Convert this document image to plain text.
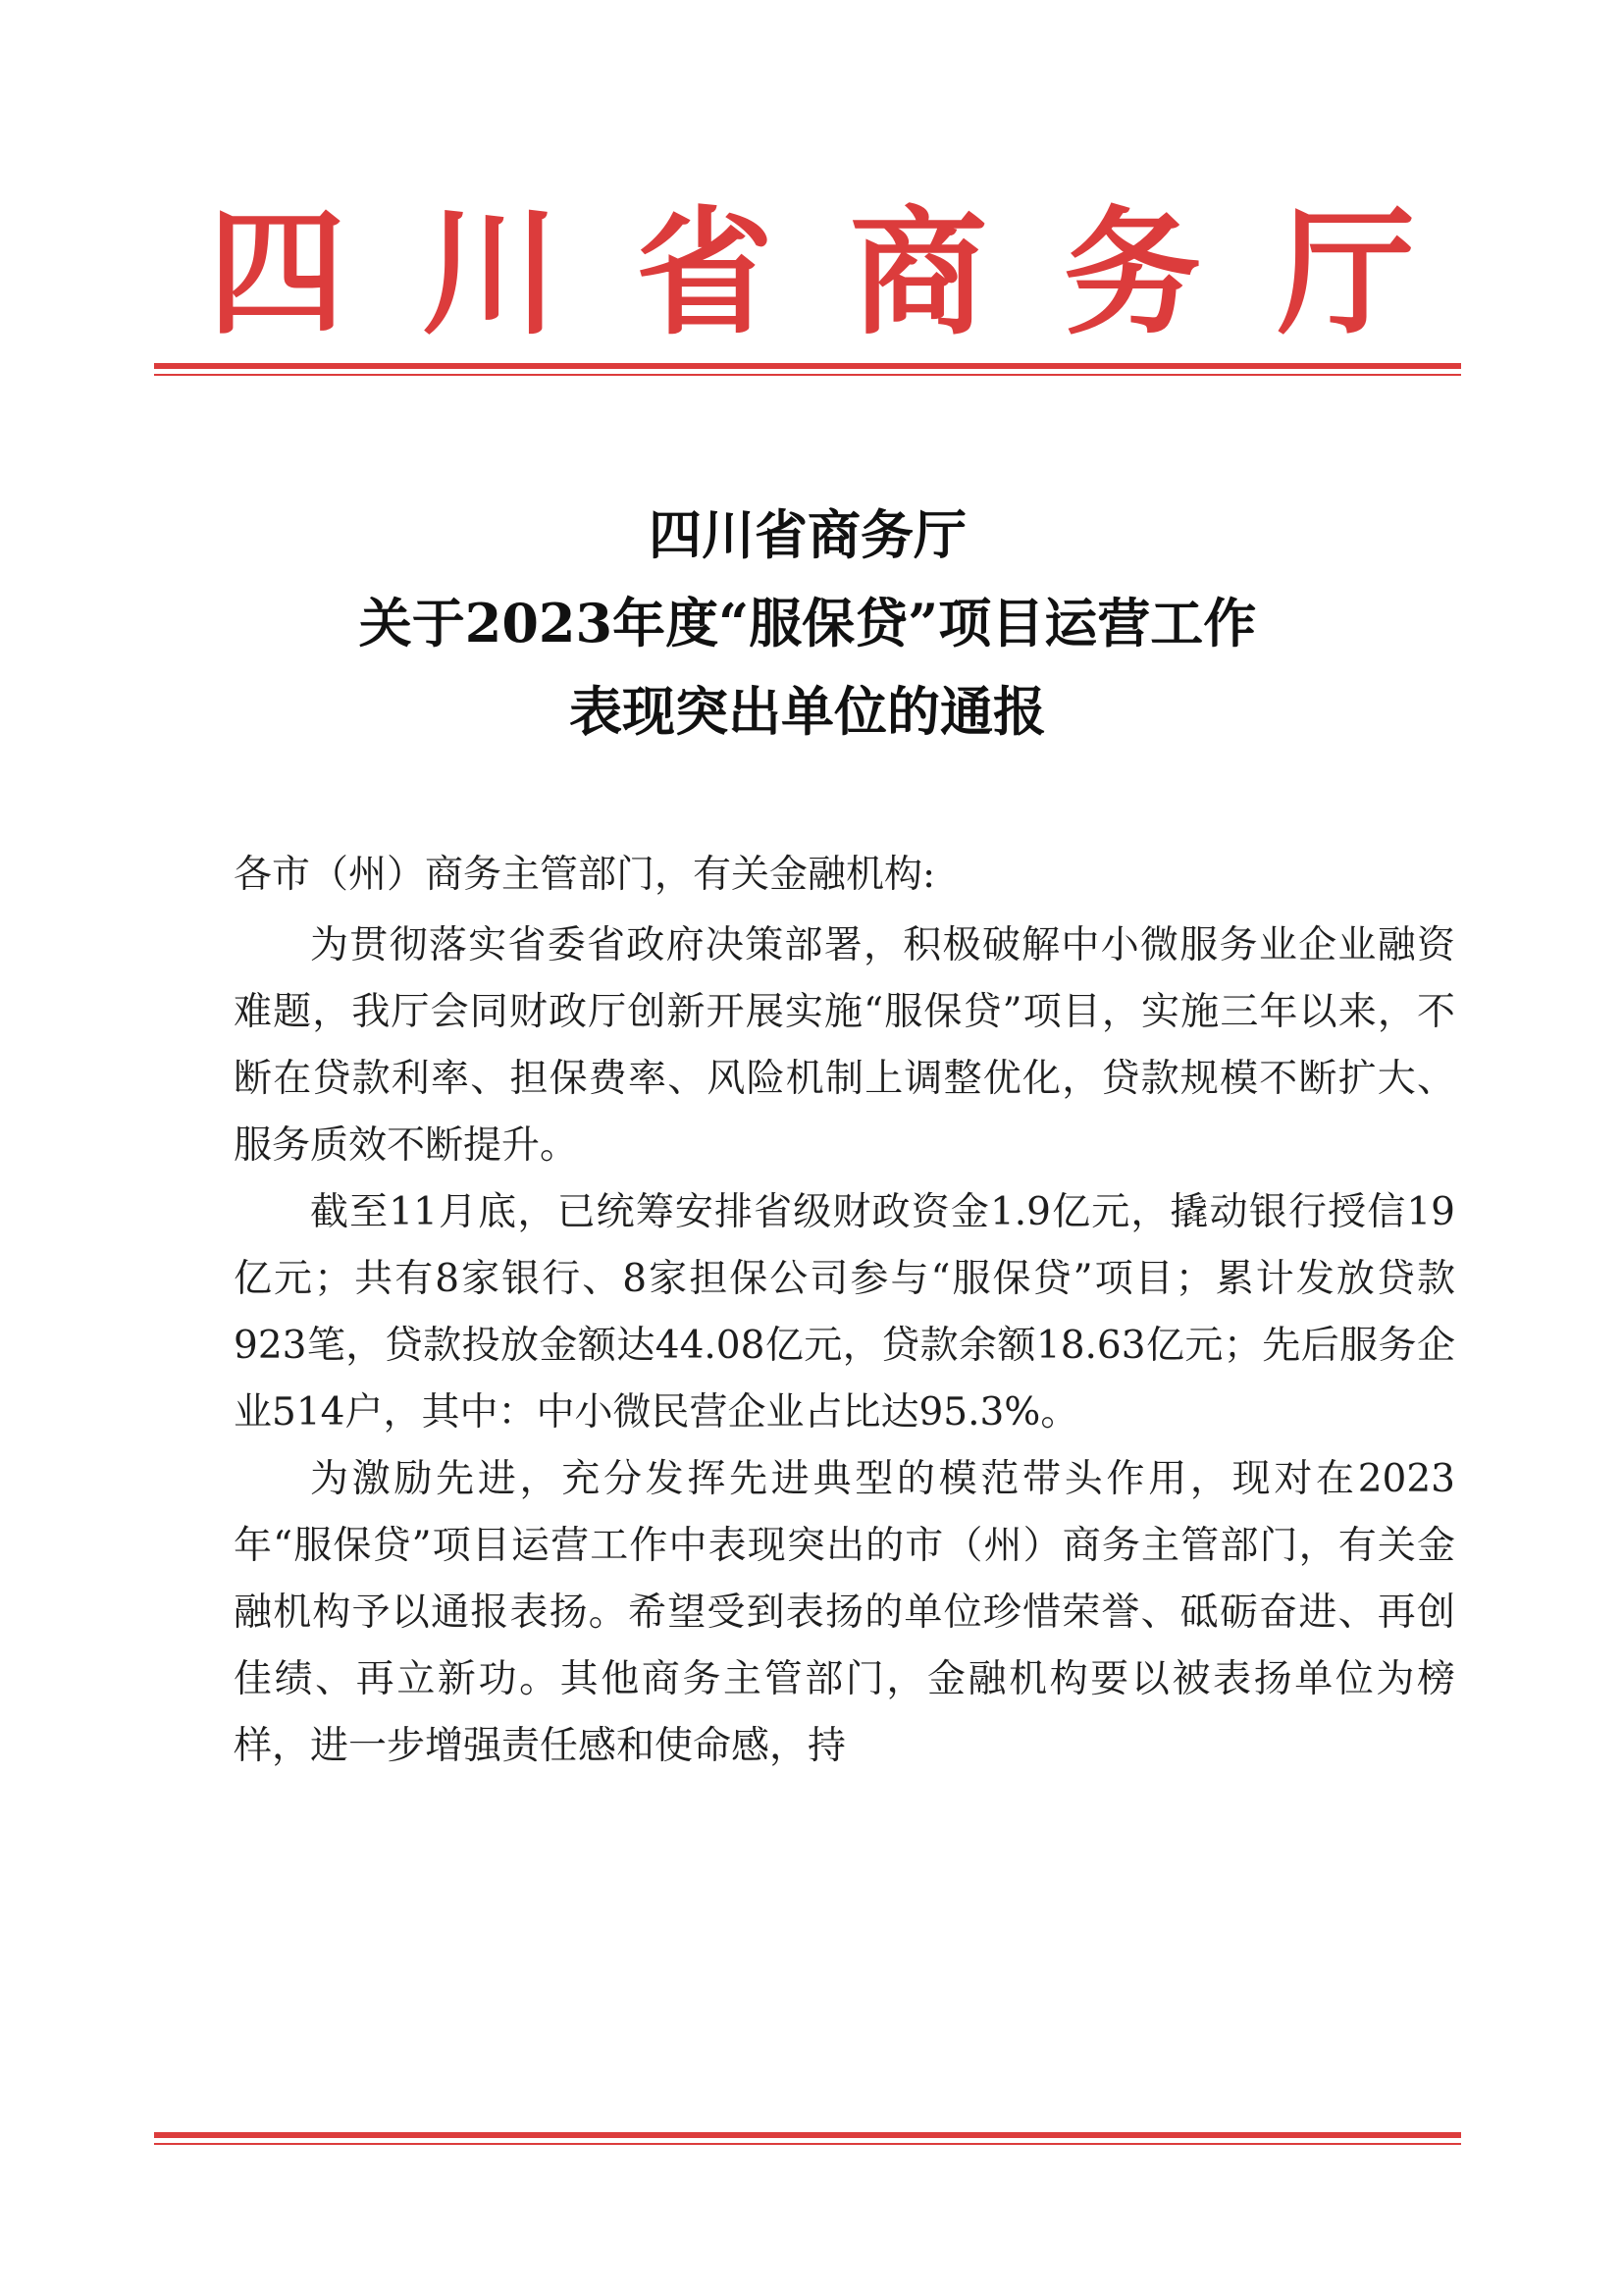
四川省商务厅
四川省商务厅
关于2023年度“服保贷”项目运营工作
表现突出单位的通报

各市（州）商务主管部门，有关金融机构:

为贯彻落实省委省政府决策部署，积极破解中小微服务业企业融资难题，我厅会同财政厅创新开展实施“服保贷”项目，实施三年以来，不断在贷款利率、担保费率、风险机制上调整优化，贷款规模不断扩大、服务质效不断提升。

截至11月底，已统筹安排省级财政资金1.9亿元，撬动银行授信19亿元；共有8家银行、8家担保公司参与“服保贷”项目；累计发放贷款923笔，贷款投放金额达44.08亿元，贷款余额18.63亿元；先后服务企业514户，其中：中小微民营企业占比达95.3%。

为激励先进，充分发挥先进典型的模范带头作用，现对在2023年“服保贷”项目运营工作中表现突出的市（州）商务主管部门，有关金融机构予以通报表扬。希望受到表扬的单位珍惜荣誉、砥砺奋进、再创佳绩、再立新功。其他商务主管部门，金融机构要以被表扬单位为榜样，进一步增强责任感和使命感，持
